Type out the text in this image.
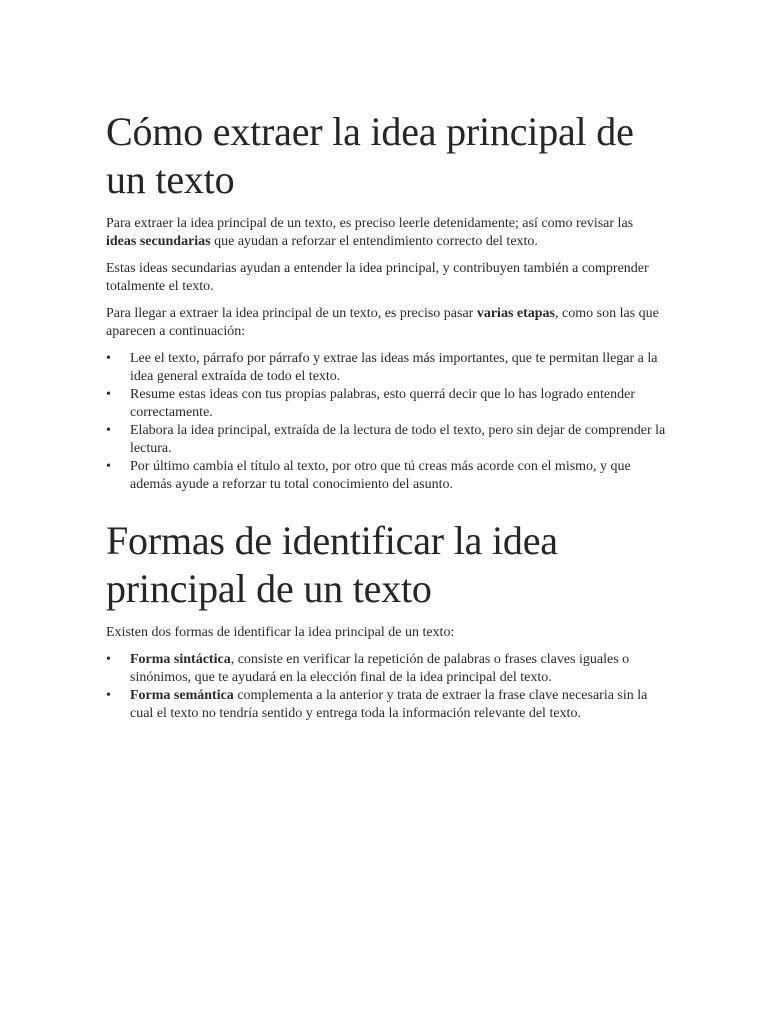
Cómo extraer la idea principal de un texto

Para extraer la idea principal de un texto, es preciso leerle detenidamente; así como revisar las ideas secundarias que ayudan a reforzar el entendimiento correcto del texto.

Estas ideas secundarias ayudan a entender la idea principal, y contribuyen también a comprender totalmente el texto.

Para llegar a extraer la idea principal de un texto, es preciso pasar varias etapas, como son las que aparecen a continuación:

•	Lee el texto, párrafo por párrafo y extrae las ideas más importantes, que te permitan llegar a la idea general extraída de todo el texto.
•	Resume estas ideas con tus propias palabras, esto querrá decir que lo has logrado entender correctamente.
•	Elabora la idea principal, extraída de la lectura de todo el texto, pero sin dejar de comprender la lectura.
•	Por último cambia el título al texto, por otro que tú creas más acorde con el mismo, y que además ayude a reforzar tu total conocimiento del asunto.
Formas de identificar la idea principal de un texto

Existen dos formas de identificar la idea principal de un texto:

•	Forma sintáctica, consiste en verificar la repetición de palabras o frases claves iguales o sinónimos, que te ayudará en la elección final de la idea principal del texto.
•	Forma semántica complementa a la anterior y trata de extraer la frase clave necesaria sin la cual el texto no tendría sentido y entrega toda la información relevante del texto.
